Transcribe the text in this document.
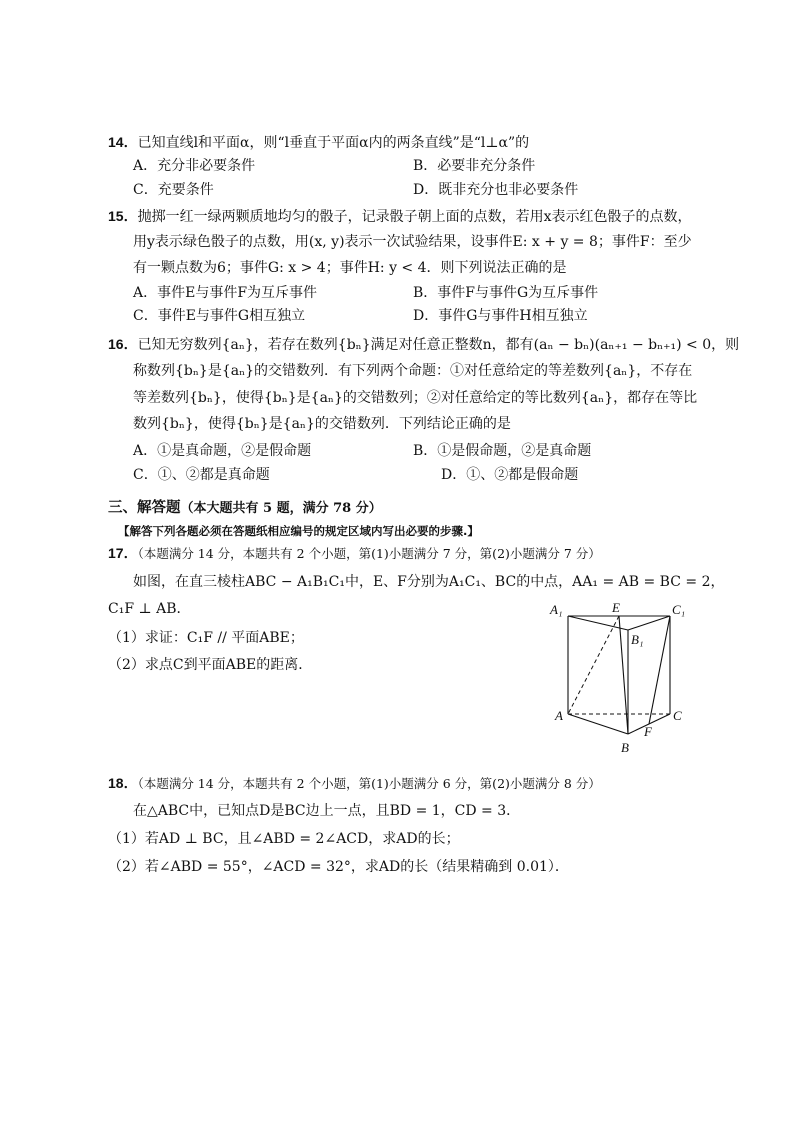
14．已知直线l和平面α，则“l垂直于平面α内的两条直线”是“l⊥α”的
A．充分非必要条件	B．必要非充分条件
C．充要条件	D．既非充分也非必要条件
15．抛掷一红一绿两颗质地均匀的骰子，记录骰子朝上面的点数，若用x表示红色骰子的点数，
用y表示绿色骰子的点数，用(x, y)表示一次试验结果，设事件E: x + y = 8；事件F：至少
有一颗点数为6；事件G: x > 4；事件H: y < 4．则下列说法正确的是
A．事件E与事件F为互斥事件	B．事件F与事件G为互斥事件
C．事件E与事件G相互独立	D．事件G与事件H相互独立
16．已知无穷数列{aₙ}，若存在数列{bₙ}满足对任意正整数n，都有(aₙ − bₙ)(aₙ₊₁ − bₙ₊₁) < 0，则
称数列{bₙ}是{aₙ}的交错数列．有下列两个命题：①对任意给定的等差数列{aₙ}，不存在
等差数列{bₙ}，使得{bₙ}是{aₙ}的交错数列；②对任意给定的等比数列{aₙ}，都存在等比
数列{bₙ}，使得{bₙ}是{aₙ}的交错数列．下列结论正确的是
A．①是真命题，②是假命题	B．①是假命题，②是真命题
C．①、②都是真命题	D．①、②都是假命题
三、解答题（本大题共有 5 题，满分 78 分）
【解答下列各题必须在答题纸相应编号的规定区域内写出必要的步骤.】
17．（本题满分 14 分，本题共有 2 个小题，第(1)小题满分 7 分，第(2)小题满分 7 分）
如图，在直三棱柱ABC − A₁B₁C₁中，E、F分别为A₁C₁、BC的中点，AA₁ = AB = BC = 2，
C₁F ⊥ AB．
（1）求证：C₁F // 平面ABE；
（2）求点C到平面ABE的距离．
A₁	E	C₁
B₁
A	C
F
B
18．（本题满分 14 分，本题共有 2 个小题，第(1)小题满分 6 分，第(2)小题满分 8 分）
在△ABC中，已知点D是BC边上一点，且BD = 1，CD = 3．
（1）若AD ⊥ BC，且∠ABD = 2∠ACD，求AD的长；
（2）若∠ABD = 55°，∠ACD = 32°，求AD的长（结果精确到 0.01）．
